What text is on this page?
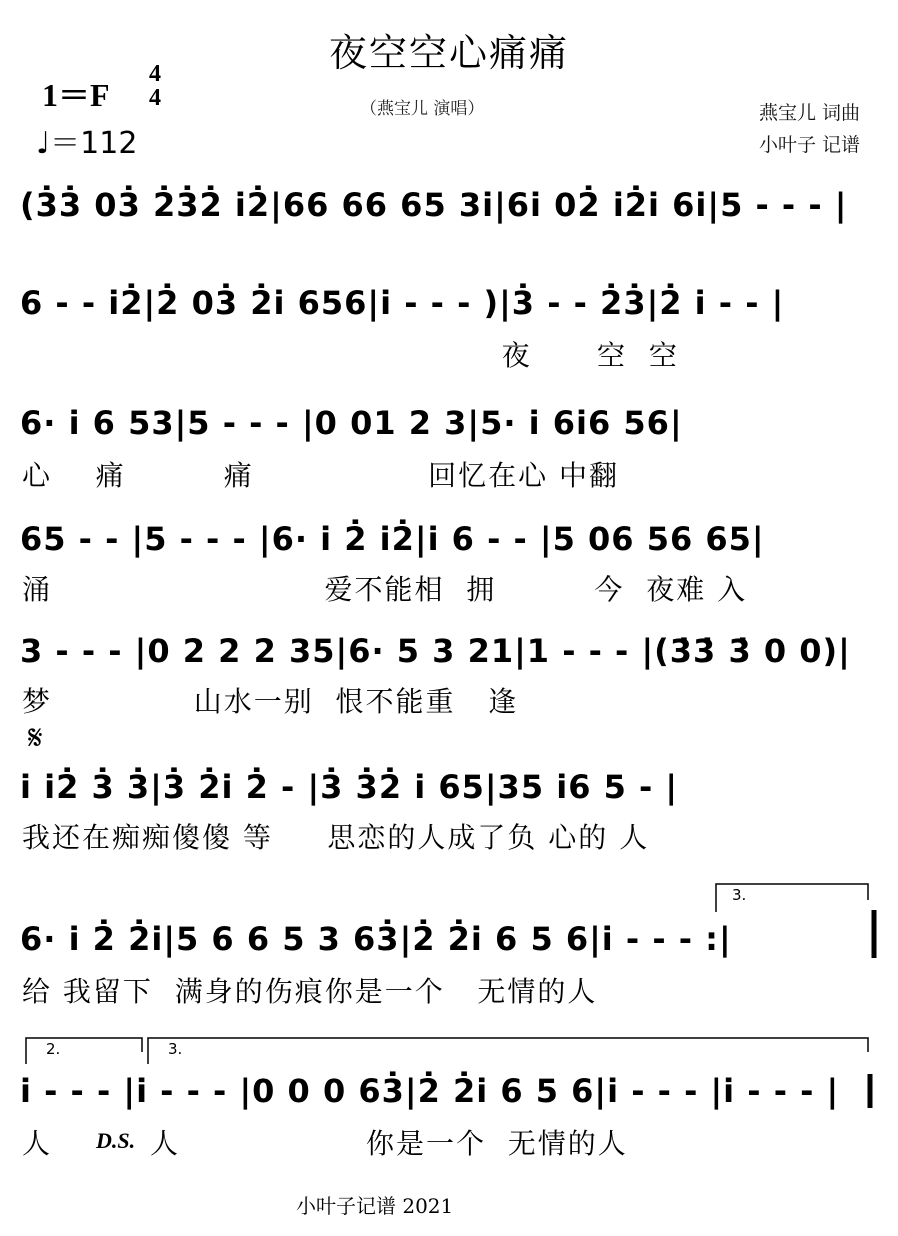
夜空空心痛痛
（燕宝儿 演唱）
1＝F
4
4
♩＝112
燕宝儿 词曲
小叶子 记谱
(3̇3̇ 03̇ 2̇3̇2̇ i2̇|66 66 65 3i|6i 02̇ i2̇i 6i|5 - - - |
6 - - i2̇|2̇ 03̇ 2̇i 656|i - - - )|3̇ - - 2̇3̇|2̇ i - - |
夜      空  空
6· i 6 53|5 - - - |0 01 2 3|5· i 6i6 56|
心    痛         痛                回忆在心 中翻
65 - - |5 - - - |6· i 2̇ i2̇|i 6 - - |5 06 56 65|
涌                         爱不能相  拥         今  夜难 入
3 - - - |0 2 2 2 35|6· 5 3 21|1 - - - |(3̇3̇ 3̇ 0 0)|
梦             山水一别  恨不能重   逢
𝄋
i i2̇ 3̇ 3̇|3̇ 2̇i 2̇ - |3̇ 3̇2̇ i 65|35 i6 5 - |
我还在痴痴傻傻 等     思恋的人成了负 心的 人
6· i 2̇ 2̇i|5 6 6 5 3 63̇|2̇ 2̇i 6 5 6|i - - - :|
给 我留下  满身的伤痕你是一个   无情的人
i - - - |i - - - |0 0 0 63̇|2̇ 2̇i 6 5 6|i - - - |i - - - |
人 D.S. 人	你是一个  无情的人
3.
2.	3.
小叶子记谱 2021
